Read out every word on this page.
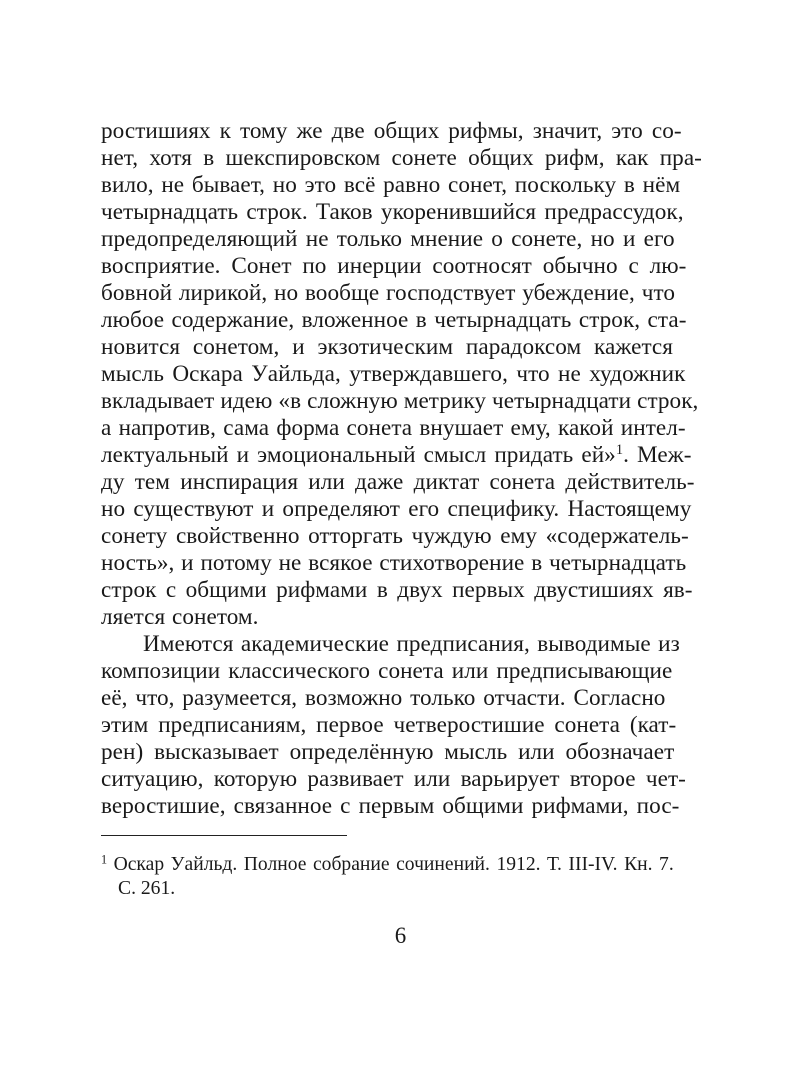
ростишиях к тому же две общих рифмы, значит, это со-
нет, хотя в шекспировском сонете общих рифм, как пра-
вило, не бывает, но это всё равно сонет, поскольку в нём
четырнадцать строк. Таков укоренившийся предрассудок,
предопределяющий не только мнение о сонете, но и его
восприятие. Сонет по инерции соотносят обычно с лю-
бовной лирикой, но вообще господствует убеждение, что
любое содержание, вложенное в четырнадцать строк, ста-
новится сонетом, и экзотическим парадоксом кажется
мысль Оскара Уайльда, утверждавшего, что не художник
вкладывает идею «в сложную метрику четырнадцати строк,
а напротив, сама форма сонета внушает ему, какой интел-
лектуальный и эмоциональный смысл придать ей»$^1$. Меж-
ду тем инспирация или даже диктат сонета действитель-
но существуют и определяют его специфику. Настоящему
сонету свойственно отторгать чуждую ему «содержатель-
ность», и потому не всякое стихотворение в четырнадцать
строк с общими рифмами в двух первых двустишиях яв-
ляется сонетом.
Имеются академические предписания, выводимые из
композиции классического сонета или предписывающие
её, что, разумеется, возможно только отчасти. Согласно
этим предписаниям, первое четверостишие сонета (кат-
рен) высказывает определённую мысль или обозначает
ситуацию, которую развивает или варьирует второе чет-
веростишие, связанное с первым общими рифмами, пос-
$^1$ Оскар Уайльд. Полное собрание сочинений. 1912. Т. III-IV. Кн. 7.
С. 261.
6
